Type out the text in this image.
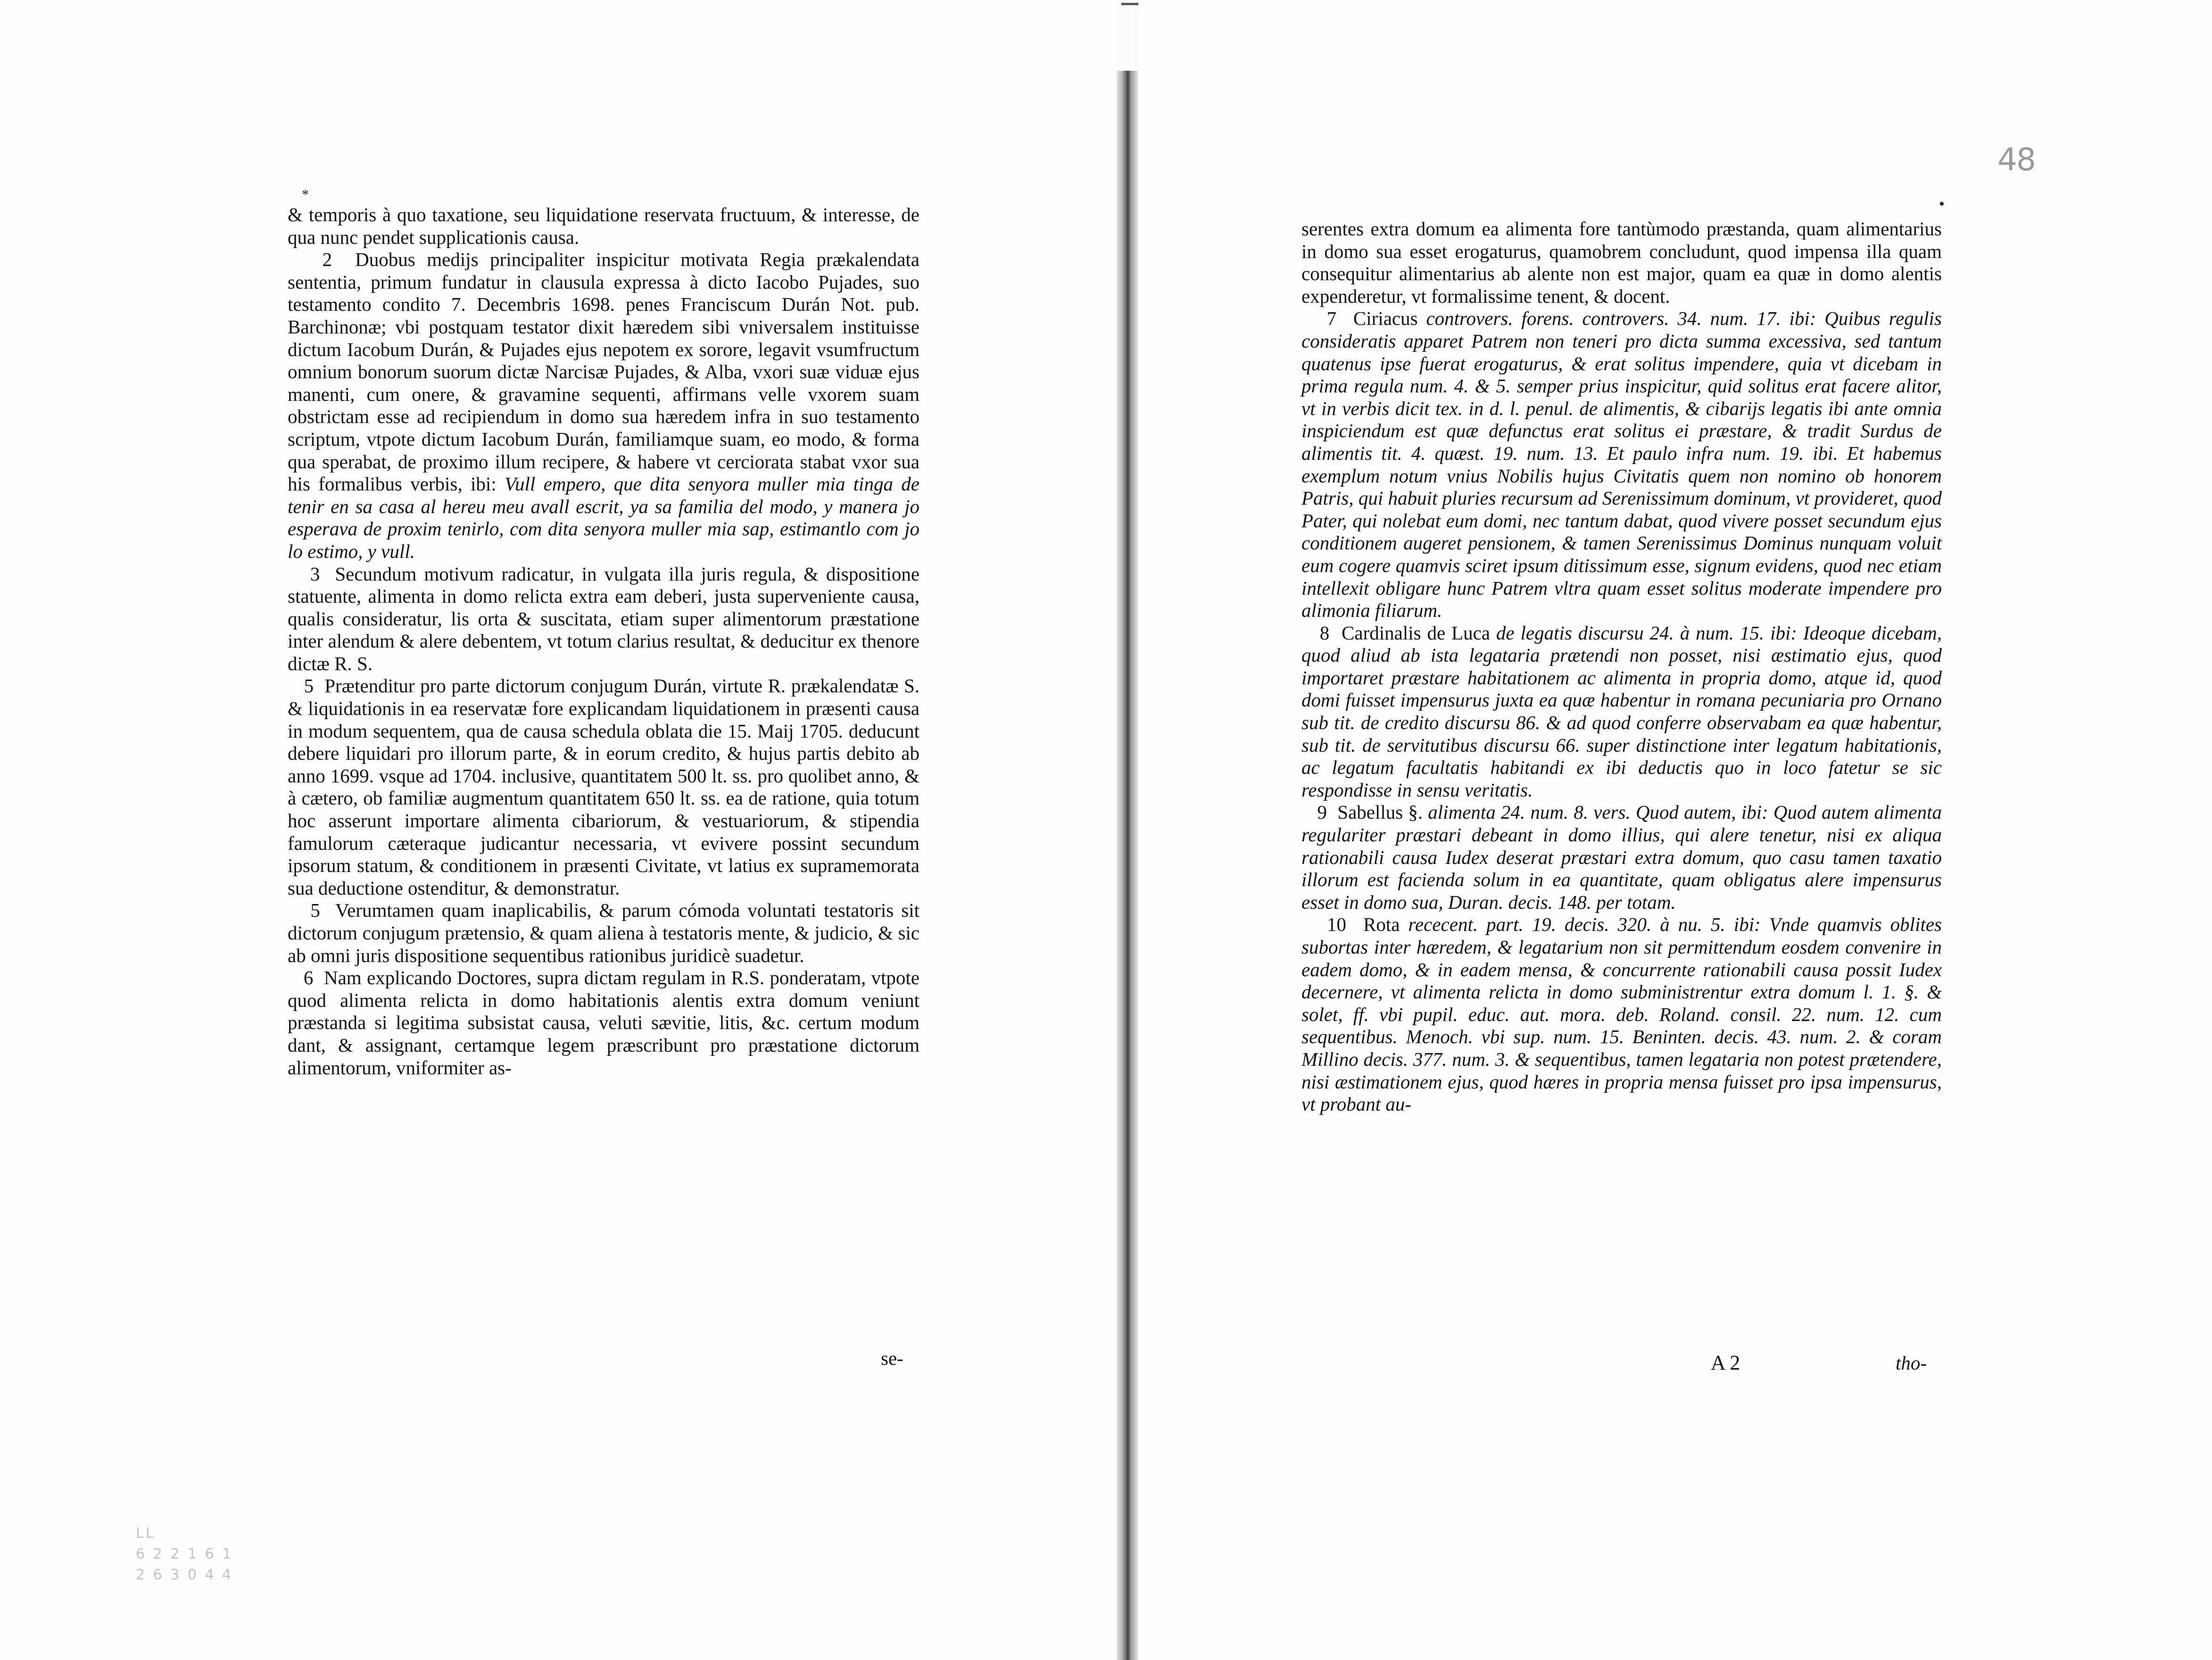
*

& temporis à quo taxatione, seu liquidatione reservata fructuum, & interesse, de qua nunc pendet supplicationis causa.

2 Duobus medijs principaliter inspicitur motivata Regia prækalendata sententia, primum fundatur in clausula expressa à dicto Iacobo Pujades, suo testamento condito 7. Decembris 1698. penes Franciscum Durán Not. pub. Barchinonæ; vbi postquam testator dixit hæredem sibi vniversalem instituisse dictum Iacobum Durán, & Pujades ejus nepotem ex sorore, legavit vsumfructum omnium bonorum suorum dictæ Narcisæ Pujades, & Alba, vxori suæ viduæ ejus manenti, cum onere, & gravamine sequenti, affirmans velle vxorem suam obstrictam esse ad recipiendum in domo sua hæredem infra in suo testamento scriptum, vtpote dictum Iacobum Durán, familiamque suam, eo modo, & forma qua sperabat, de proximo illum recipere, & habere vt cerciorata stabat vxor sua his formalibus verbis, ibi: Vull empero, que dita senyora muller mia tinga de tenir en sa casa al hereu meu avall escrit, ya sa familia del modo, y manera jo esperava de proxim tenirlo, com dita senyora muller mia sap, estimantlo com jo lo estimo, y vull.

3 Secundum motivum radicatur, in vulgata illa juris regula, & dispositione statuente, alimenta in domo relicta extra eam deberi, justa superveniente causa, qualis consideratur, lis orta & suscitata, etiam super alimentorum præstatione inter alendum & alere debentem, vt totum clarius resultat, & deducitur ex thenore dictæ R. S.

5 Prætenditur pro parte dictorum conjugum Durán, virtute R. prækalendatæ S. & liquidationis in ea reservatæ fore explicandam liquidationem in præsenti causa in modum sequentem, qua de causa schedula oblata die 15. Maij 1705. deducunt debere liquidari pro illorum parte, & in eorum credito, & hujus partis debito ab anno 1699. vsque ad 1704. inclusive, quantitatem 500 lt. ss. pro quolibet anno, & à cætero, ob familiæ augmentum quantitatem 650 lt. ss. ea de ratione, quia totum hoc asserunt importare alimenta cibariorum, & vestuariorum, & stipendia famulorum cæteraque judicantur necessaria, vt evivere possint secundum ipsorum statum, & conditionem in præsenti Civitate, vt latius ex supramemorata sua deductione ostenditur, & demonstratur.

5 Verumtamen quam inaplicabilis, & parum cómoda voluntati testatoris sit dictorum conjugum prætensio, & quam aliena à testatoris mente, & judicio, & sic ab omni juris dispositione sequentibus rationibus juridicè suadetur.

6 Nam explicando Doctores, supra dictam regulam in R.S. ponderatam, vtpote quod alimenta relicta in domo habitationis alentis extra domum veniunt præstanda si legitima subsistat causa, veluti sævitie, litis, &c. certum modum dant, & assignant, certamque legem præscribunt pro præstatione dictorum alimentorum, vniformiter as-

se-
LL
6 2 2 1 6 1
2 6 3 0 4 4
48
•

serentes extra domum ea alimenta fore tantùmodo præstanda, quam alimentarius in domo sua esset erogaturus, quamobrem concludunt, quod impensa illa quam consequitur alimentarius ab alente non est major, quam ea quæ in domo alentis expenderetur, vt formalissime tenent, & docent.

7 Ciriacus controvers. forens. controvers. 34. num. 17. ibi: Quibus regulis consideratis apparet Patrem non teneri pro dicta summa excessiva, sed tantum quatenus ipse fuerat erogaturus, & erat solitus impendere, quia vt dicebam in prima regula num. 4. & 5. semper prius inspicitur, quid solitus erat facere alitor, vt in verbis dicit tex. in d. l. penul. de alimentis, & cibarijs legatis ibi ante omnia inspiciendum est quæ defunctus erat solitus ei præstare, & tradit Surdus de alimentis tit. 4. quæst. 19. num. 13. Et paulo infra num. 19. ibi. Et habemus exemplum notum vnius Nobilis hujus Civitatis quem non nomino ob honorem Patris, qui habuit pluries recursum ad Serenissimum dominum, vt provideret, quod Pater, qui nolebat eum domi, nec tantum dabat, quod vivere posset secundum ejus conditionem augeret pensionem, & tamen Serenissimus Dominus nunquam voluit eum cogere quamvis sciret ipsum ditissimum esse, signum evidens, quod nec etiam intellexit obligare hunc Patrem vltra quam esset solitus moderate impendere pro alimonia filiarum.

8 Cardinalis de Luca de legatis discursu 24. à num. 15. ibi: Ideoque dicebam, quod aliud ab ista legataria prætendi non posset, nisi æstimatio ejus, quod importaret præstare habitationem ac alimenta in propria domo, atque id, quod domi fuisset impensurus juxta ea quæ habentur in romana pecuniaria pro Ornano sub tit. de credito discursu 86. & ad quod conferre observabam ea quæ habentur, sub tit. de servitutibus discursu 66. super distinctione inter legatum habitationis, ac legatum facultatis habitandi ex ibi deductis quo in loco fatetur se sic respondisse in sensu veritatis.

9 Sabellus §. alimenta 24. num. 8. vers. Quod autem, ibi: Quod autem alimenta regulariter præstari debeant in domo illius, qui alere tenetur, nisi ex aliqua rationabili causa Iudex deserat præstari extra domum, quo casu tamen taxatio illorum est facienda solum in ea quantitate, quam obligatus alere impensurus esset in domo sua, Duran. decis. 148. per totam.

10 Rota rececent. part. 19. decis. 320. à nu. 5. ibi: Vnde quamvis oblites subortas inter hæredem, & legatarium non sit permittendum eosdem convenire in eadem domo, & in eadem mensa, & concurrente rationabili causa possit Iudex decernere, vt alimenta relicta in domo subministrentur extra domum l. 1. §. & solet, ff. vbi pupil. educ. aut. mora. deb. Roland. consil. 22. num. 12. cum sequentibus. Menoch. vbi sup. num. 15. Beninten. decis. 43. num. 2. & coram Millino decis. 377. num. 3. & sequentibus, tamen legataria non potest prætendere, nisi æstimationem ejus, quod hæres in propria mensa fuisset pro ipsa impensurus, vt probant au-

A 2	tho-
